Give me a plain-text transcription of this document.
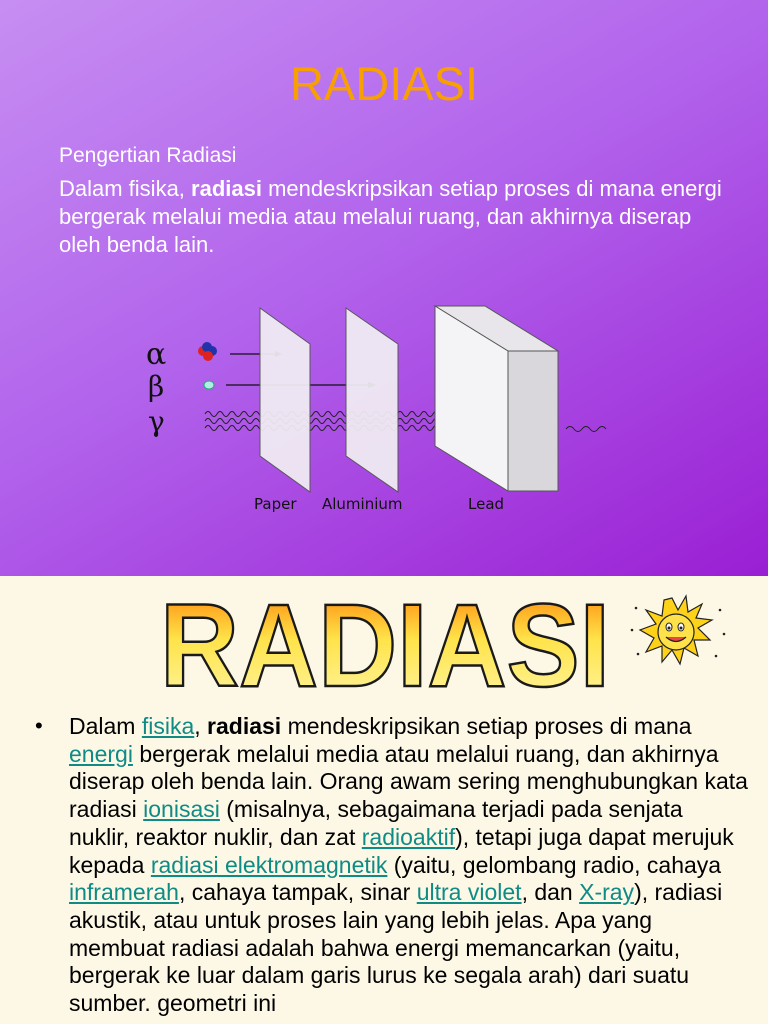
RADIASI
Pengertian Radiasi
Dalam fisika, radiasi mendeskripsikan setiap proses di mana energi bergerak melalui media atau melalui ruang, dan akhirnya diserap oleh benda lain.
α
β
γ
Paper Aluminium	Lead
RADIASI
• Dalam fisika, radiasi mendeskripsikan setiap proses di mana energi bergerak melalui media atau melalui ruang, dan akhirnya diserap oleh benda lain. Orang awam sering menghubungkan kata radiasi ionisasi (misalnya, sebagaimana terjadi pada senjata nuklir, reaktor nuklir, dan zat radioaktif), tetapi juga dapat merujuk kepada radiasi elektromagnetik (yaitu, gelombang radio, cahaya inframerah, cahaya tampak, sinar ultra violet, dan X-ray), radiasi akustik, atau untuk proses lain yang lebih jelas. Apa yang membuat radiasi adalah bahwa energi memancarkan (yaitu, bergerak ke luar dalam garis lurus ke segala arah) dari suatu sumber. geometri ini
